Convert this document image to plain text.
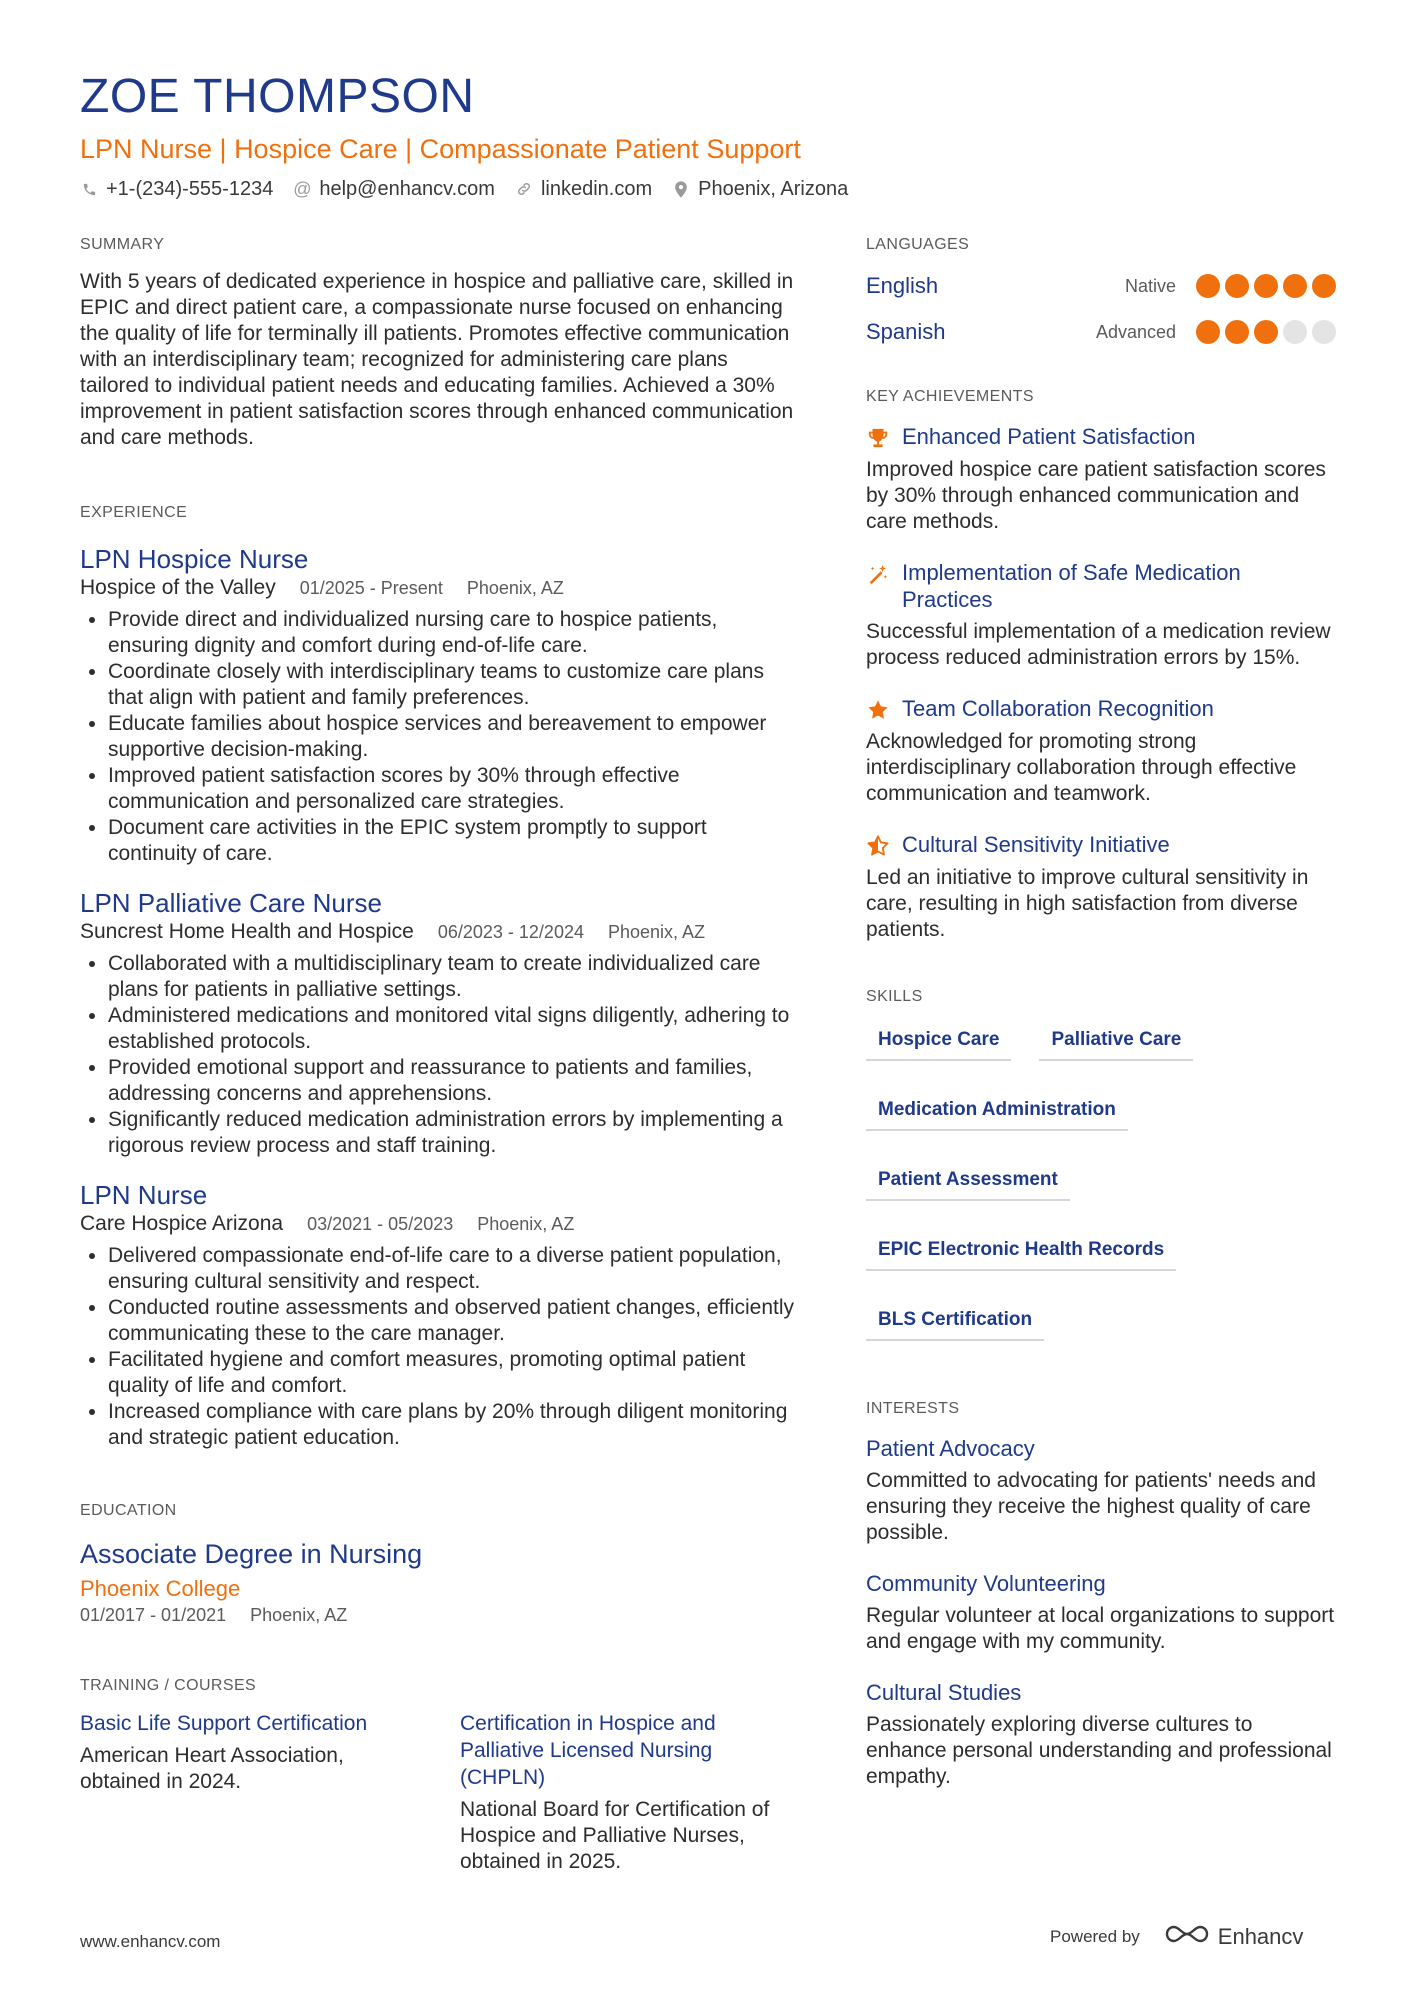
ZOE THOMPSON
LPN Nurse | Hospice Care | Compassionate Patient Support
+1-(234)-555-1234 @ help@enhancv.com linkedin.com Phoenix, Arizona
SUMMARY
With 5 years of dedicated experience in hospice and palliative care, skilled in EPIC and direct patient care, a compassionate nurse focused on enhancing the quality of life for terminally ill patients. Promotes effective communication with an interdisciplinary team; recognized for administering care plans tailored to individual patient needs and educating families. Achieved a 30% improvement in patient satisfaction scores through enhanced communication and care methods.
EXPERIENCE
LPN Hospice Nurse
Hospice of the Valley 01/2025 - Present Phoenix, AZ
• Provide direct and individualized nursing care to hospice patients, ensuring dignity and comfort during end-of-life care.
• Coordinate closely with interdisciplinary teams to customize care plans that align with patient and family preferences.
• Educate families about hospice services and bereavement to empower supportive decision-making.
• Improved patient satisfaction scores by 30% through effective communication and personalized care strategies.
• Document care activities in the EPIC system promptly to support continuity of care.
LPN Palliative Care Nurse
Suncrest Home Health and Hospice 06/2023 - 12/2024 Phoenix, AZ
• Collaborated with a multidisciplinary team to create individualized care plans for patients in palliative settings.
• Administered medications and monitored vital signs diligently, adhering to established protocols.
• Provided emotional support and reassurance to patients and families, addressing concerns and apprehensions.
• Significantly reduced medication administration errors by implementing a rigorous review process and staff training.
LPN Nurse
Care Hospice Arizona 03/2021 - 05/2023 Phoenix, AZ
• Delivered compassionate end-of-life care to a diverse patient population, ensuring cultural sensitivity and respect.
• Conducted routine assessments and observed patient changes, efficiently communicating these to the care manager.
• Facilitated hygiene and comfort measures, promoting optimal patient quality of life and comfort.
• Increased compliance with care plans by 20% through diligent monitoring and strategic patient education.
EDUCATION
Associate Degree in Nursing
Phoenix College
01/2017 - 01/2021 Phoenix, AZ
TRAINING / COURSES
Basic Life Support Certification
American Heart Association, obtained in 2024.
Certification in Hospice and Palliative Licensed Nursing (CHPLN)
National Board for Certification of Hospice and Palliative Nurses, obtained in 2025.
LANGUAGES
English	Native
Spanish	Advanced
KEY ACHIEVEMENTS
Enhanced Patient Satisfaction
Improved hospice care patient satisfaction scores by 30% through enhanced communication and care methods.
Implementation of Safe Medication Practices
Successful implementation of a medication review process reduced administration errors by 15%.
Team Collaboration Recognition
Acknowledged for promoting strong interdisciplinary collaboration through effective communication and teamwork.
Cultural Sensitivity Initiative
Led an initiative to improve cultural sensitivity in care, resulting in high satisfaction from diverse patients.
SKILLS
Hospice Care	Palliative Care
Medication Administration
Patient Assessment
EPIC Electronic Health Records
BLS Certification
INTERESTS
Patient Advocacy
Committed to advocating for patients' needs and ensuring they receive the highest quality of care possible.
Community Volunteering
Regular volunteer at local organizations to support and engage with my community.
Cultural Studies
Passionately exploring diverse cultures to enhance personal understanding and professional empathy.
www.enhancv.com	Powered by	Enhancv
